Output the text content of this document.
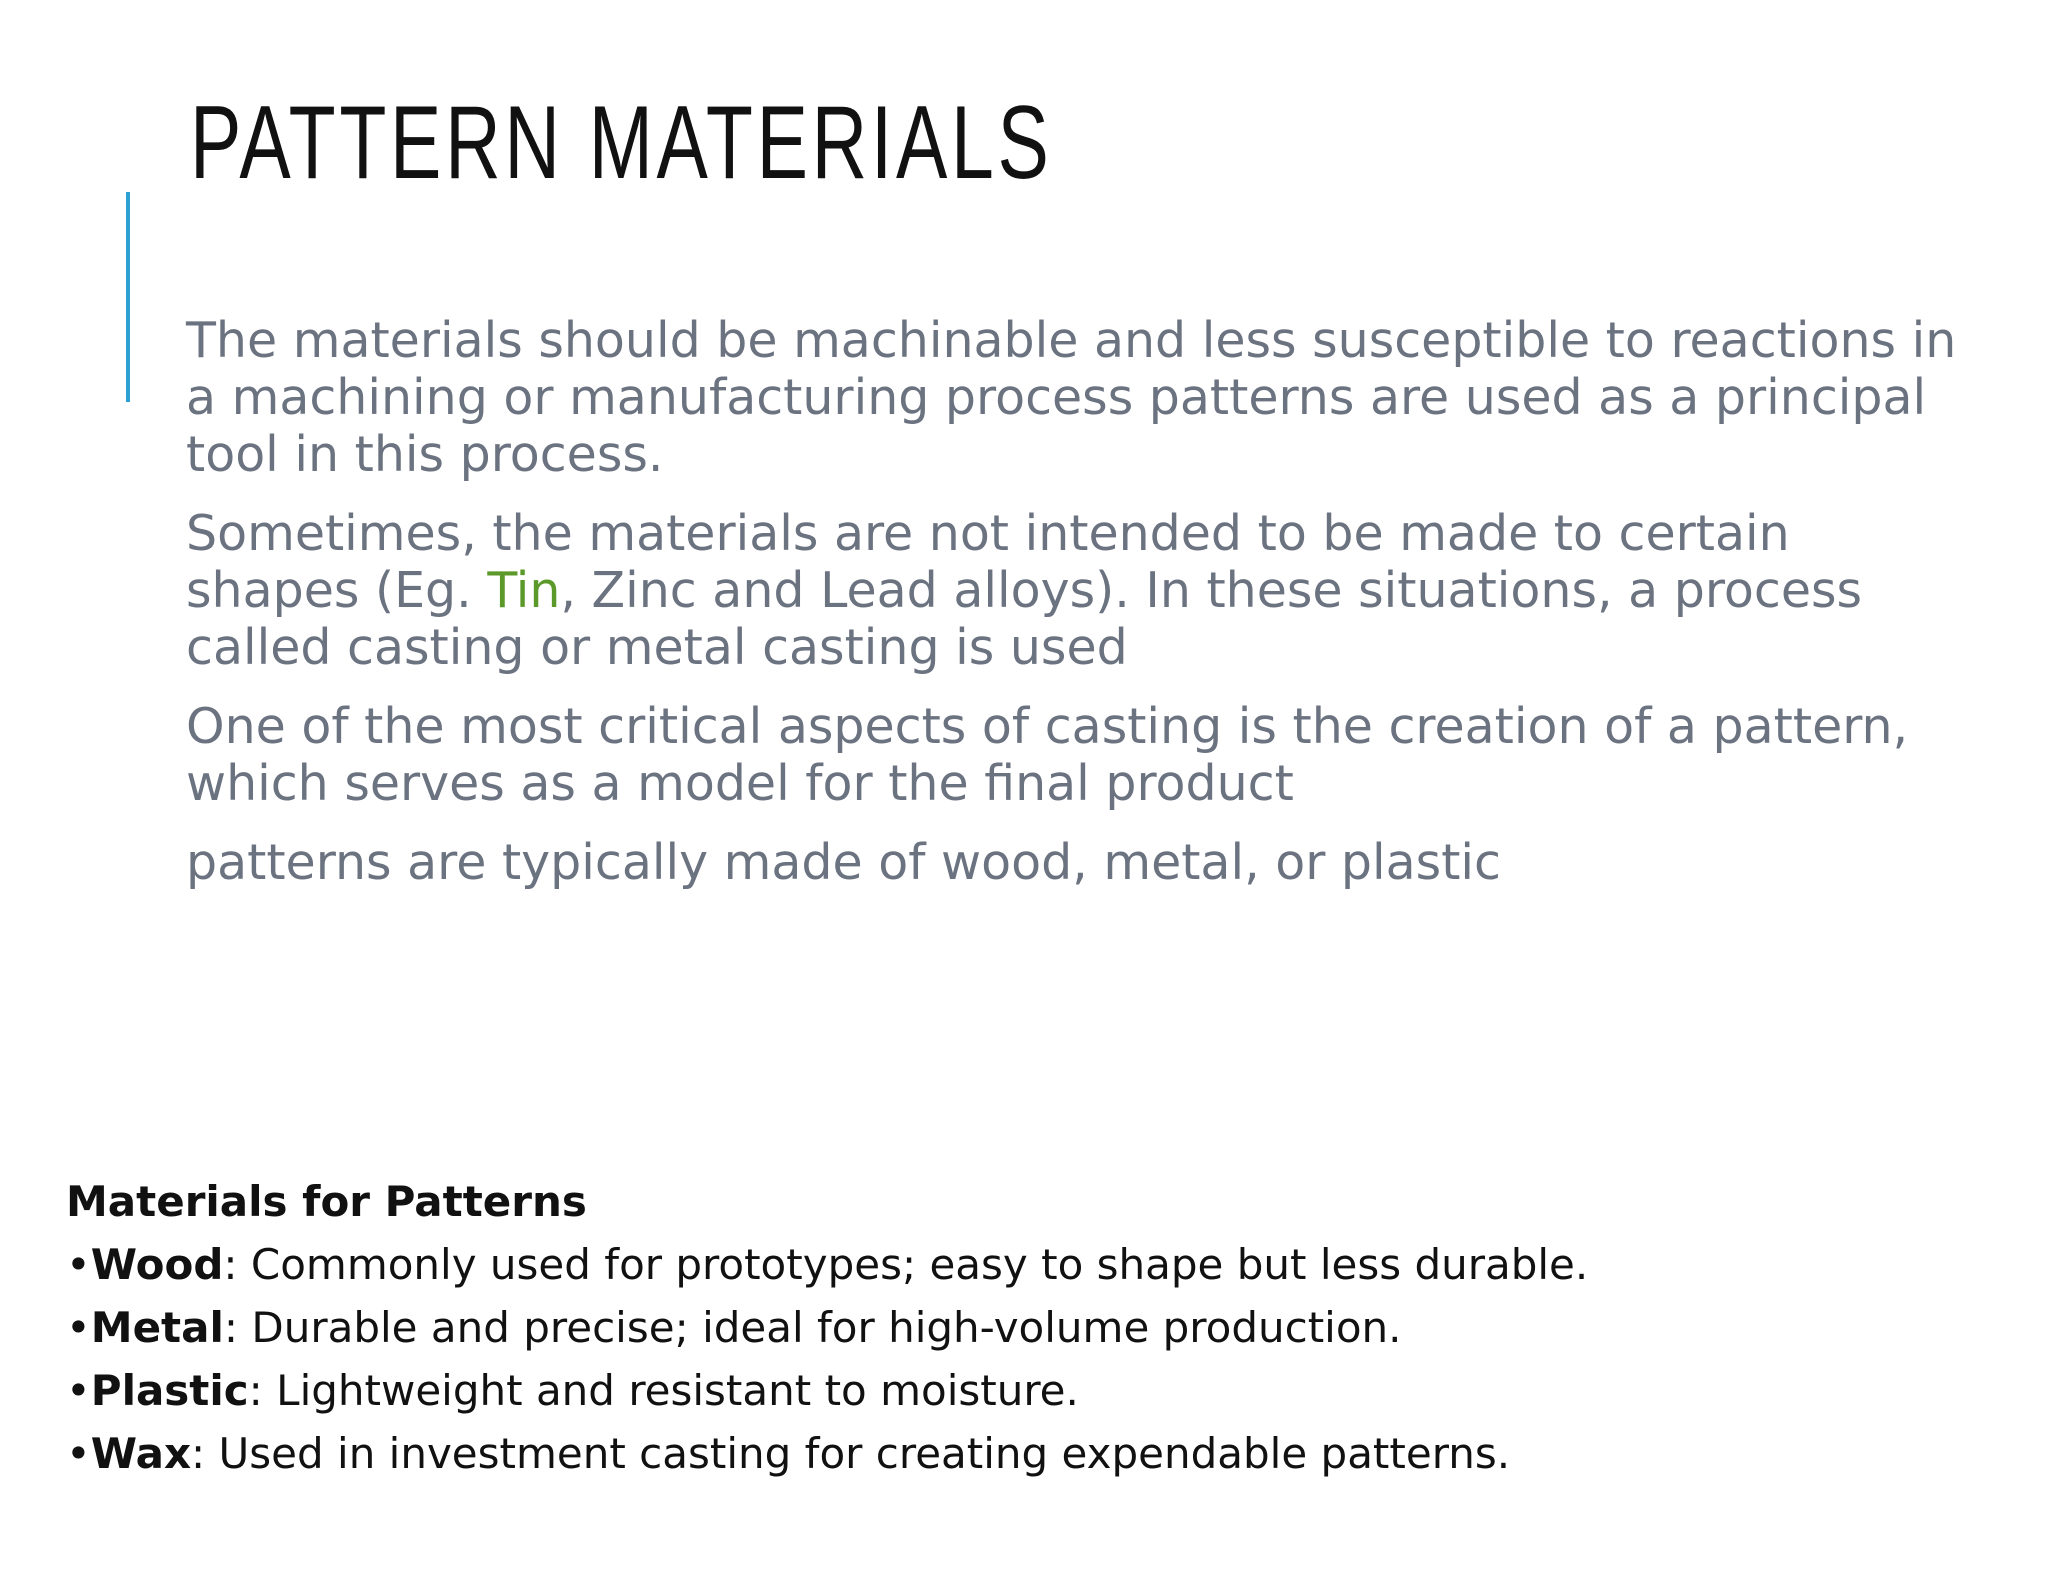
PATTERN MATERIALS

The materials should be machinable and less susceptible to reactions in a machining or manufacturing process patterns are used as a principal tool in this process.

Sometimes, the materials are not intended to be made to certain shapes (Eg. Tin, Zinc and Lead alloys). In these situations, a process called casting or metal casting is used

One of the most critical aspects of casting is the creation of a pattern, which serves as a model for the final product

patterns are typically made of wood, metal, or plastic

Materials for Patterns

•Wood: Commonly used for prototypes; easy to shape but less durable.
•Metal: Durable and precise; ideal for high-volume production.
•Plastic: Lightweight and resistant to moisture.
•Wax: Used in investment casting for creating expendable patterns.
